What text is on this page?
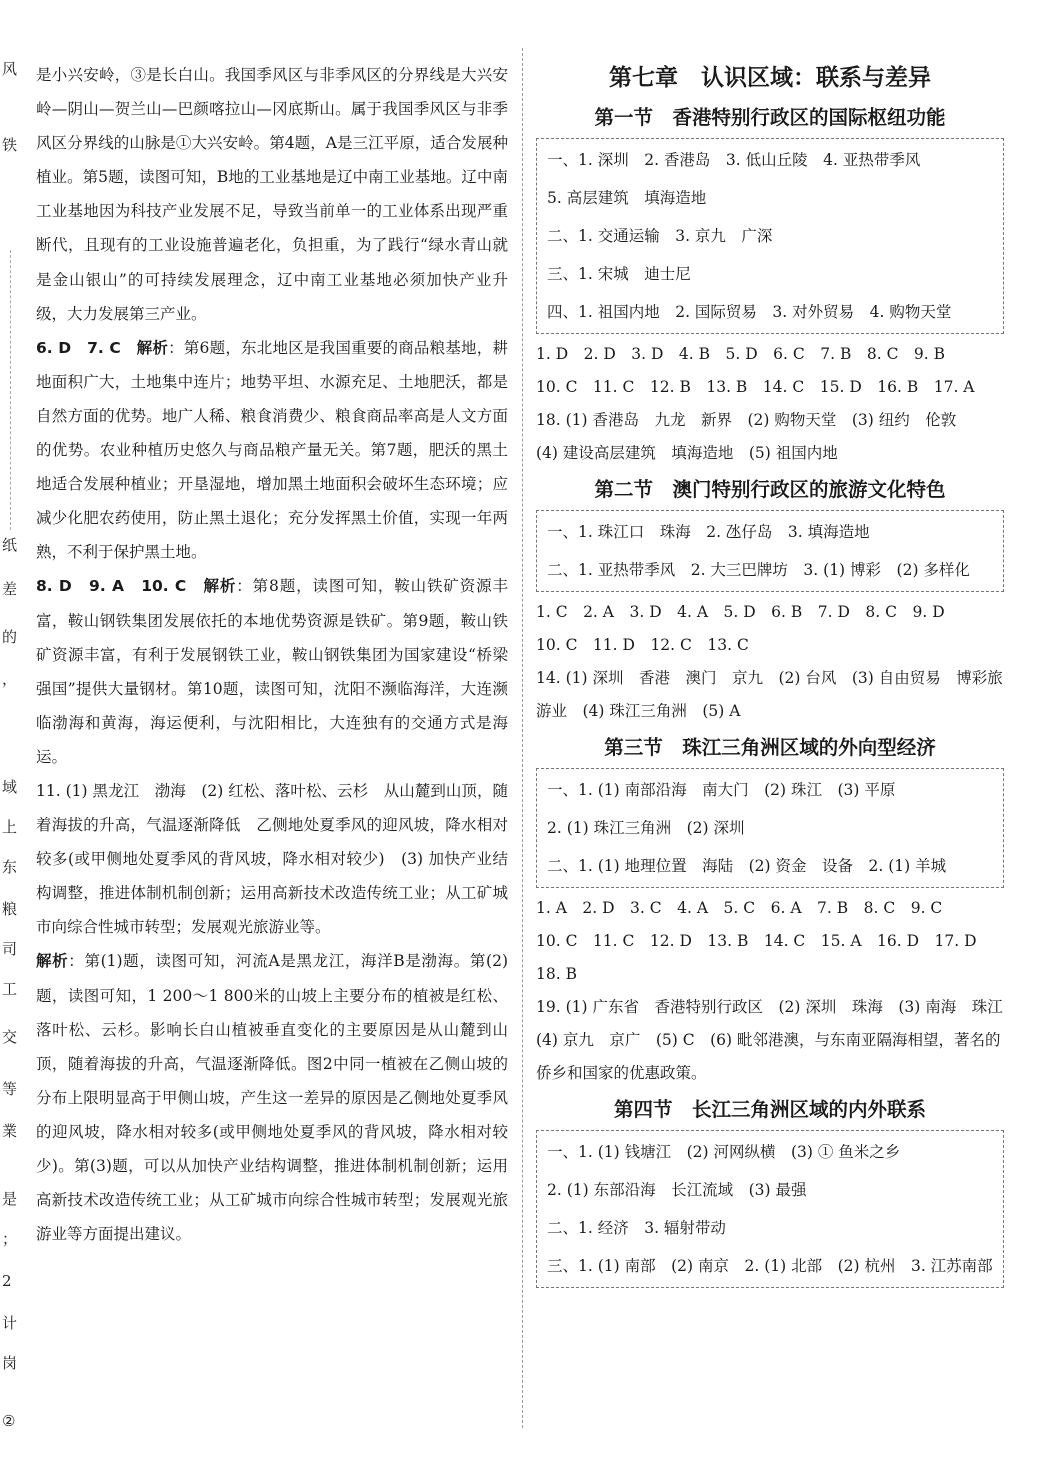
风
铁
纸
差
的
，
域
上
东
粮
司
工
交
等
業
是
；
2
计
岗
②

是小兴安岭，③是长白山。我国季风区与非季风区的分界线是大兴安岭—阴山—贺兰山—巴颜喀拉山—冈底斯山。属于我国季风区与非季风区分界线的山脉是①大兴安岭。第4题，A是三江平原，适合发展种植业。第5题，读图可知，B地的工业基地是辽中南工业基地。辽中南工业基地因为科技产业发展不足，导致当前单一的工业体系出现严重断代，且现有的工业设施普遍老化，负担重，为了践行“绿水青山就是金山银山”的可持续发展理念，辽中南工业基地必须加快产业升级，大力发展第三产业。

6. D　7. C　解析：第6题，东北地区是我国重要的商品粮基地，耕地面积广大，土地集中连片；地势平坦、水源充足、土地肥沃，都是自然方面的优势。地广人稀、粮食消费少、粮食商品率高是人文方面的优势。农业种植历史悠久与商品粮产量无关。第7题，肥沃的黑土地适合发展种植业；开垦湿地，增加黑土地面积会破坏生态环境；应减少化肥农药使用，防止黑土退化；充分发挥黑土价值，实现一年两熟，不利于保护黑土地。

8. D　9. A　10. C　解析：第8题，读图可知，鞍山铁矿资源丰富，鞍山钢铁集团发展依托的本地优势资源是铁矿。第9题，鞍山铁矿资源丰富，有利于发展钢铁工业，鞍山钢铁集团为国家建设“桥梁强国”提供大量钢材。第10题，读图可知，沈阳不濒临海洋，大连濒临渤海和黄海，海运便利，与沈阳相比，大连独有的交通方式是海运。

11. (1) 黑龙江　渤海　(2) 红松、落叶松、云杉　从山麓到山顶，随着海拔的升高，气温逐渐降低　乙侧地处夏季风的迎风坡，降水相对较多(或甲侧地处夏季风的背风坡，降水相对较少)　(3) 加快产业结构调整，推进体制机制创新；运用高新技术改造传统工业；从工矿城市向综合性城市转型；发展观光旅游业等。

解析：第(1)题，读图可知，河流A是黑龙江，海洋B是渤海。第(2)题，读图可知，1 200～1 800米的山坡上主要分布的植被是红松、落叶松、云杉。影响长白山植被垂直变化的主要原因是从山麓到山顶，随着海拔的升高，气温逐渐降低。图2中同一植被在乙侧山坡的分布上限明显高于甲侧山坡，产生这一差异的原因是乙侧地处夏季风的迎风坡，降水相对较多(或甲侧地处夏季风的背风坡，降水相对较少)。第(3)题，可以从加快产业结构调整，推进体制机制创新；运用高新技术改造传统工业；从工矿城市向综合性城市转型；发展观光旅游业等方面提出建议。

第七章　认识区域：联系与差异
第一节　香港特别行政区的国际枢纽功能
一、1. 深圳　2. 香港岛　3. 低山丘陵　4. 亚热带季风
5. 高层建筑　填海造地
二、1. 交通运输　3. 京九　广深
三、1. 宋城　迪士尼
四、1. 祖国内地　2. 国际贸易　3. 对外贸易　4. 购物天堂
1. D　2. D　3. D　4. B　5. D　6. C　7. B　8. C　9. B
10. C　11. C　12. B　13. B　14. C　15. D　16. B　17. A
18. (1) 香港岛　九龙　新界　(2) 购物天堂　(3) 纽约　伦敦
(4) 建设高层建筑　填海造地　(5) 祖国内地
第二节　澳门特别行政区的旅游文化特色
一、1. 珠江口　珠海　2. 氹仔岛　3. 填海造地
二、1. 亚热带季风　2. 大三巴牌坊　3. (1) 博彩　(2) 多样化
1. C　2. A　3. D　4. A　5. D　6. B　7. D　8. C　9. D
10. C　11. D　12. C　13. C
14. (1) 深圳　香港　澳门　京九　(2) 台风　(3) 自由贸易　博彩旅游业　(4) 珠江三角洲　(5) A
第三节　珠江三角洲区域的外向型经济
一、1. (1) 南部沿海　南大门　(2) 珠江　(3) 平原
2. (1) 珠江三角洲　(2) 深圳
二、1. (1) 地理位置　海陆　(2) 资金　设备　2. (1) 羊城
1. A　2. D　3. C　4. A　5. C　6. A　7. B　8. C　9. C
10. C　11. C　12. D　13. B　14. C　15. A　16. D　17. D
18. B
19. (1) 广东省　香港特别行政区　(2) 深圳　珠海　(3) 南海　珠江　(4) 京九　京广　(5) C　(6) 毗邻港澳，与东南亚隔海相望，著名的侨乡和国家的优惠政策。
第四节　长江三角洲区域的内外联系
一、1. (1) 钱塘江　(2) 河网纵横　(3) ① 鱼米之乡
2. (1) 东部沿海　长江流域　(3) 最强
二、1. 经济　3. 辐射带动
三、1. (1) 南部　(2) 南京　2. (1) 北部　(2) 杭州　3. 江苏南部
